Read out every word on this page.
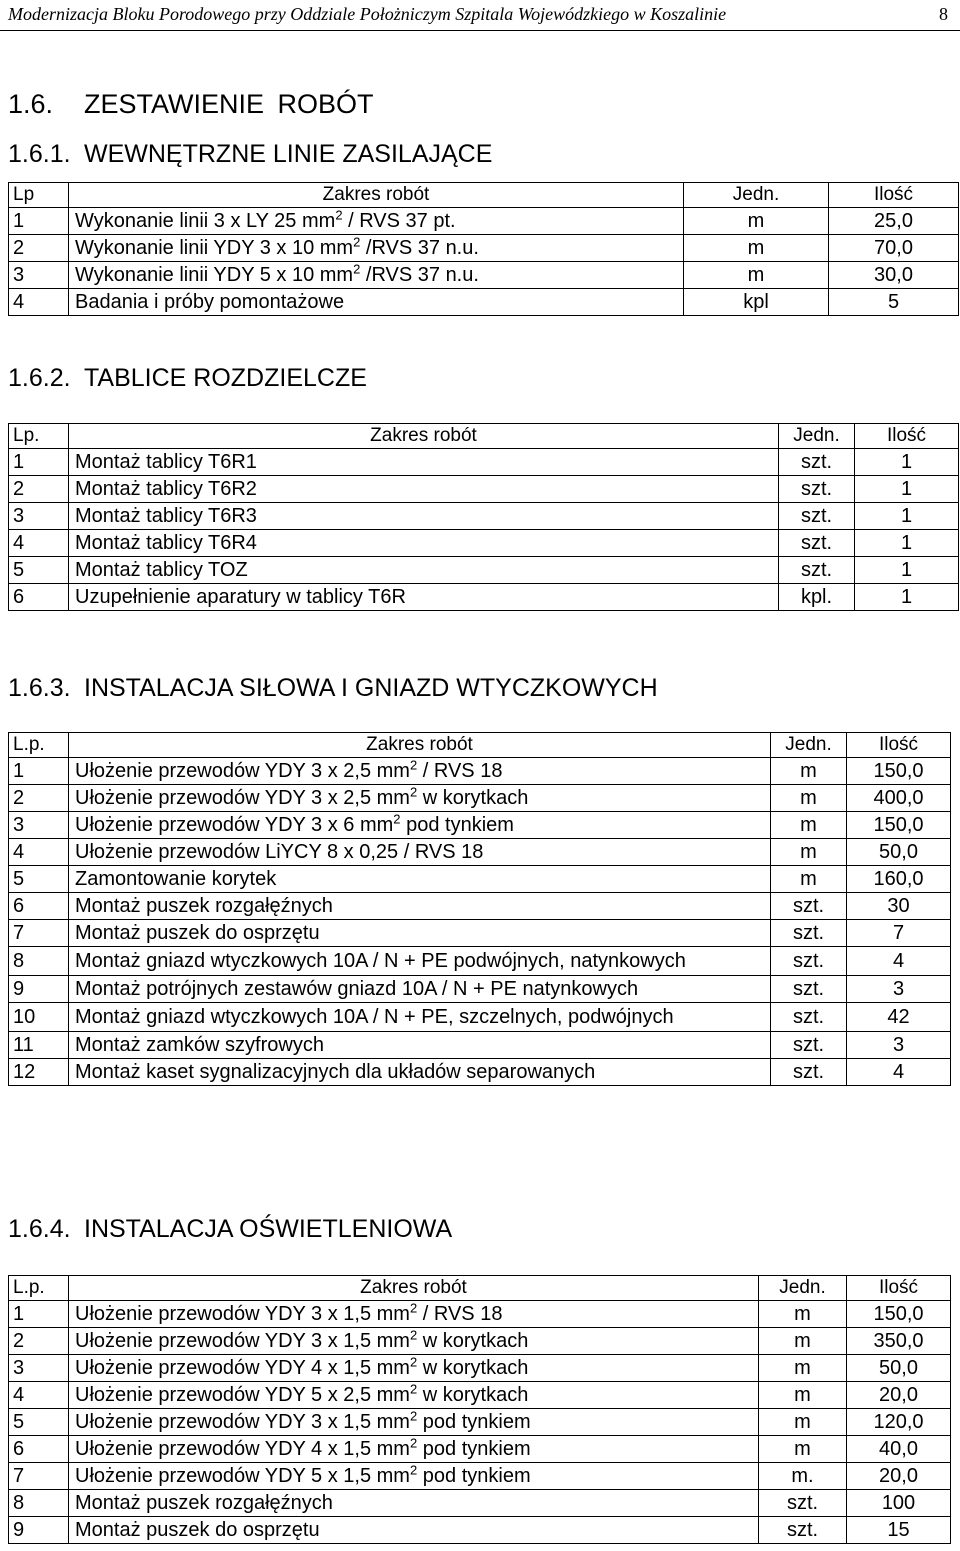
Modernizacja Bloku Porodowego przy Oddziale Położniczym Szpitala Wojewódzkiego w Koszalinie	8
1.6. ZESTAWIENIE ROBÓT
1.6.1. WEWNĘTRZNE LINIE ZASILAJĄCE
Lp	Zakres robót	Jedn.	Ilość
1	Wykonanie linii 3 x LY 25 $mm^2$ / RVS 37 pt.	m	25,0
2	Wykonanie linii YDY 3 x 10 $mm^2$ /RVS 37 n.u.	m	70,0
3	Wykonanie linii YDY 5 x 10 $mm^2$ /RVS 37 n.u.	m	30,0
4	Badania i próby pomontażowe	kpl	5
1.6.2. TABLICE ROZDZIELCZE
Lp.	Zakres robót	Jedn.	Ilość
1	Montaż tablicy T6R1	szt.	1
2	Montaż tablicy T6R2	szt.	1
3	Montaż tablicy T6R3	szt.	1
4	Montaż tablicy T6R4	szt.	1
5	Montaż tablicy TOZ	szt.	1
6	Uzupełnienie aparatury w tablicy T6R	kpl.	1
1.6.3. INSTALACJA SIŁOWA I GNIAZD WTYCZKOWYCH
L.p.	Zakres robót	Jedn.	Ilość
1	Ułożenie przewodów YDY 3 x 2,5 $mm^2$ / RVS 18	m	150,0
2	Ułożenie przewodów YDY 3 x 2,5 $mm^2$ w korytkach	m	400,0
3	Ułożenie przewodów YDY 3 x 6 $mm^2$ pod tynkiem	m	150,0
4	Ułożenie przewodów LiYCY 8 x 0,25 / RVS 18	m	50,0
5	Zamontowanie korytek	m	160,0
6	Montaż puszek rozgałęźnych	szt.	30
7	Montaż puszek do osprzętu	szt.	7
8	Montaż gniazd wtyczkowych 10A / N + PE podwójnych, natynkowych	szt.	4
9	Montaż potrójnych zestawów gniazd 10A / N + PE natynkowych	szt.	3
10	Montaż gniazd wtyczkowych 10A / N + PE, szczelnych, podwójnych	szt.	42
11	Montaż zamków szyfrowych	szt.	3
12	Montaż kaset sygnalizacyjnych dla układów separowanych	szt.	4
1.6.4. INSTALACJA OŚWIETLENIOWA
L.p.	Zakres robót	Jedn.	Ilość
1	Ułożenie przewodów YDY 3 x 1,5 $mm^2$ / RVS 18	m	150,0
2	Ułożenie przewodów YDY 3 x 1,5 $mm^2$ w korytkach	m	350,0
3	Ułożenie przewodów YDY 4 x 1,5 $mm^2$ w korytkach	m	50,0
4	Ułożenie przewodów YDY 5 x 2,5 $mm^2$ w korytkach	m	20,0
5	Ułożenie przewodów YDY 3 x 1,5 $mm^2$ pod tynkiem	m	120,0
6	Ułożenie przewodów YDY 4 x 1,5 $mm^2$ pod tynkiem	m	40,0
7	Ułożenie przewodów YDY 5 x 1,5 $mm^2$ pod tynkiem	m.	20,0
8	Montaż puszek rozgałęźnych	szt.	100
9	Montaż puszek do osprzętu	szt.	15
